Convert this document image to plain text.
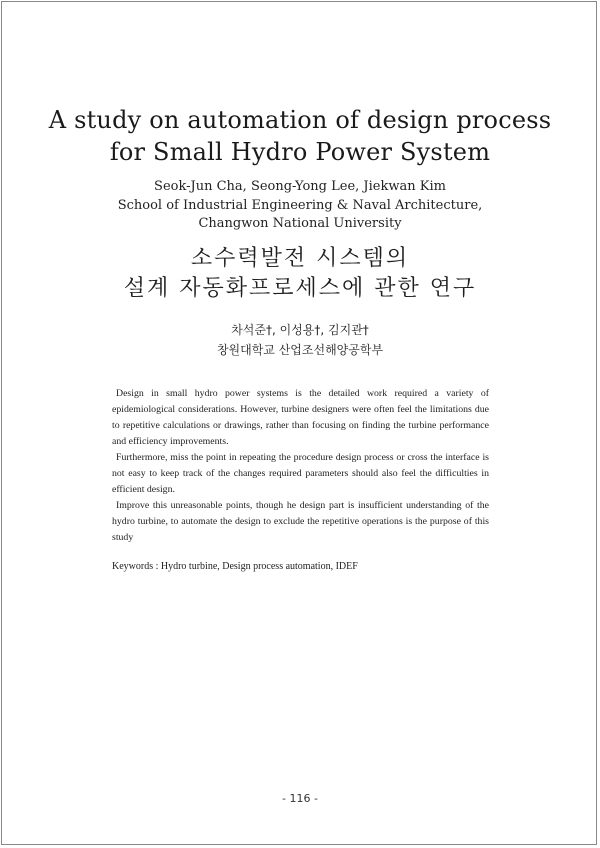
A study on automation of design process
for Small Hydro Power System
Seok-Jun Cha, Seong-Yong Lee, Jiekwan Kim
School of Industrial Engineering & Naval Architecture,
Changwon National University
소수력발전 시스템의
설계 자동화프로세스에 관한 연구
차석준†, 이성용†, 김지관†
창원대학교 산업조선해양공학부

Design in small hydro power systems is the detailed work required a variety of epidemiological considerations. However, turbine designers were often feel the limitations due to repetitive calculations or drawings, rather than focusing on finding the turbine performance and efficiency improvements.

Furthermore, miss the point in repeating the procedure design process or cross the interface is not easy to keep track of the changes required parameters should also feel the difficulties in efficient design.

Improve this unreasonable points, though he design part is insufficient understanding of the hydro turbine, to automate the design to exclude the repetitive operations is the purpose of this study

Keywords : Hydro turbine, Design process automation, IDEF
- 116 -
